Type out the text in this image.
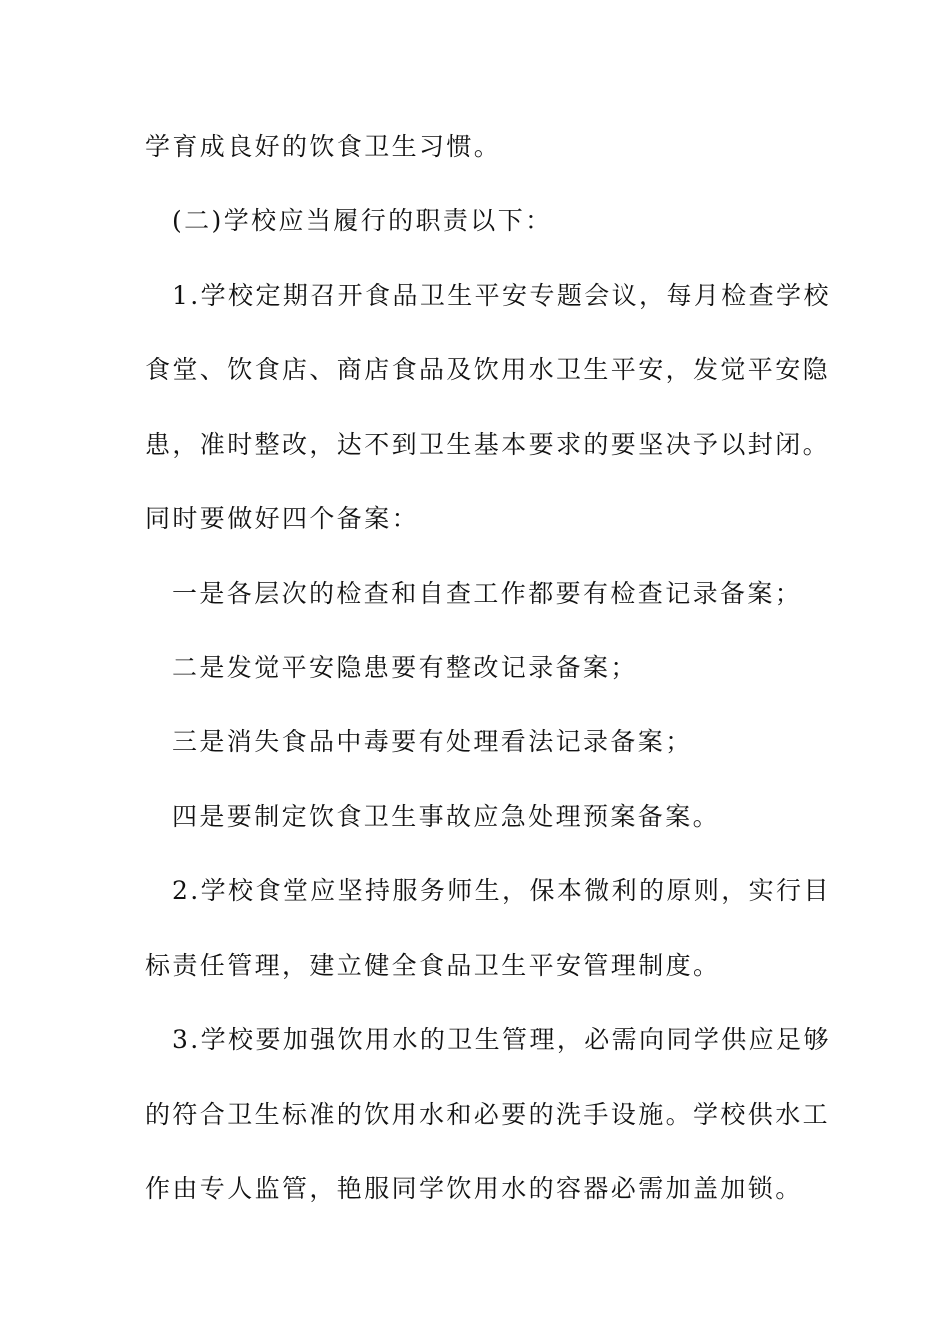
学育成良好的饮食卫生习惯。
(二)学校应当履行的职责以下：
1.学校定期召开食品卫生平安专题会议，每月检查学校
食堂、饮食店、商店食品及饮用水卫生平安，发觉平安隐
患，准时整改，达不到卫生基本要求的要坚决予以封闭。
同时要做好四个备案：
一是各层次的检查和自查工作都要有检查记录备案；
二是发觉平安隐患要有整改记录备案；
三是消失食品中毒要有处理看法记录备案；
四是要制定饮食卫生事故应急处理预案备案。
2.学校食堂应坚持服务师生，保本微利的原则，实行目
标责任管理，建立健全食品卫生平安管理制度。
3.学校要加强饮用水的卫生管理，必需向同学供应足够
的符合卫生标准的饮用水和必要的洗手设施。学校供水工
作由专人监管，艳服同学饮用水的容器必需加盖加锁。
